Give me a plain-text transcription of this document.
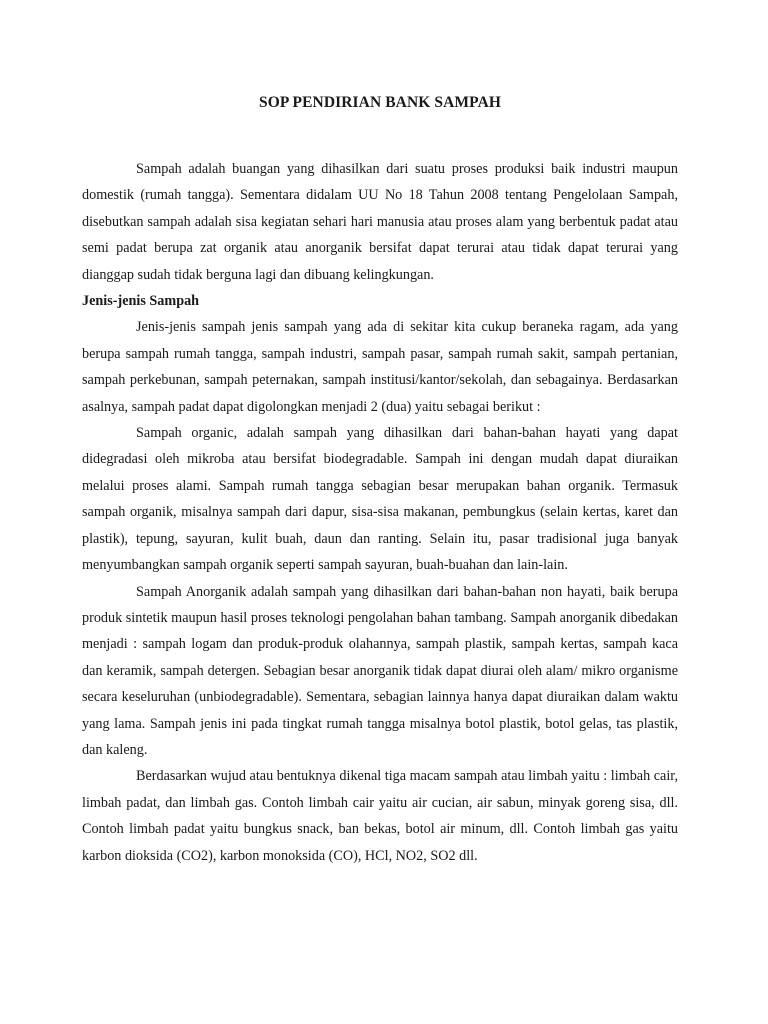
SOP PENDIRIAN BANK SAMPAH

Sampah adalah buangan yang dihasilkan dari suatu proses produksi baik industri maupun domestik (rumah tangga). Sementara didalam UU No 18 Tahun 2008 tentang Pengelolaan Sampah, disebutkan sampah adalah sisa kegiatan sehari hari manusia atau proses alam yang berbentuk padat atau semi padat berupa zat organik atau anorganik bersifat dapat terurai atau tidak dapat terurai yang dianggap sudah tidak berguna lagi dan dibuang kelingkungan.

Jenis-jenis Sampah

Jenis-jenis sampah jenis sampah yang ada di sekitar kita cukup beraneka ragam, ada yang berupa sampah rumah tangga, sampah industri, sampah pasar, sampah rumah sakit, sampah pertanian, sampah perkebunan, sampah peternakan, sampah institusi/kantor/sekolah, dan sebagainya. Berdasarkan asalnya, sampah padat dapat digolongkan menjadi 2 (dua) yaitu sebagai berikut :

Sampah organic, adalah sampah yang dihasilkan dari bahan-bahan hayati yang dapat didegradasi oleh mikroba atau bersifat biodegradable. Sampah ini dengan mudah dapat diuraikan melalui proses alami. Sampah rumah tangga sebagian besar merupakan bahan organik. Termasuk sampah organik, misalnya sampah dari dapur, sisa-sisa makanan, pembungkus (selain kertas, karet dan plastik), tepung, sayuran, kulit buah, daun dan ranting. Selain itu, pasar tradisional juga banyak menyumbangkan sampah organik seperti sampah sayuran, buah-buahan dan lain-lain.

Sampah Anorganik adalah sampah yang dihasilkan dari bahan-bahan non hayati, baik berupa produk sintetik maupun hasil proses teknologi pengolahan bahan tambang. Sampah anorganik dibedakan menjadi : sampah logam dan produk-produk olahannya, sampah plastik, sampah kertas, sampah kaca dan keramik, sampah detergen. Sebagian besar anorganik tidak dapat diurai oleh alam/ mikro organisme secara keseluruhan (unbiodegradable). Sementara, sebagian lainnya hanya dapat diuraikan dalam waktu yang lama. Sampah jenis ini pada tingkat rumah tangga misalnya botol plastik, botol gelas, tas plastik, dan kaleng.

Berdasarkan wujud atau bentuknya dikenal tiga macam sampah atau limbah yaitu : limbah cair, limbah padat, dan limbah gas. Contoh limbah cair yaitu air cucian, air sabun, minyak goreng sisa, dll. Contoh limbah padat yaitu bungkus snack, ban bekas, botol air minum, dll. Contoh limbah gas yaitu karbon dioksida (CO2), karbon monoksida (CO), HCl, NO2, SO2 dll.
